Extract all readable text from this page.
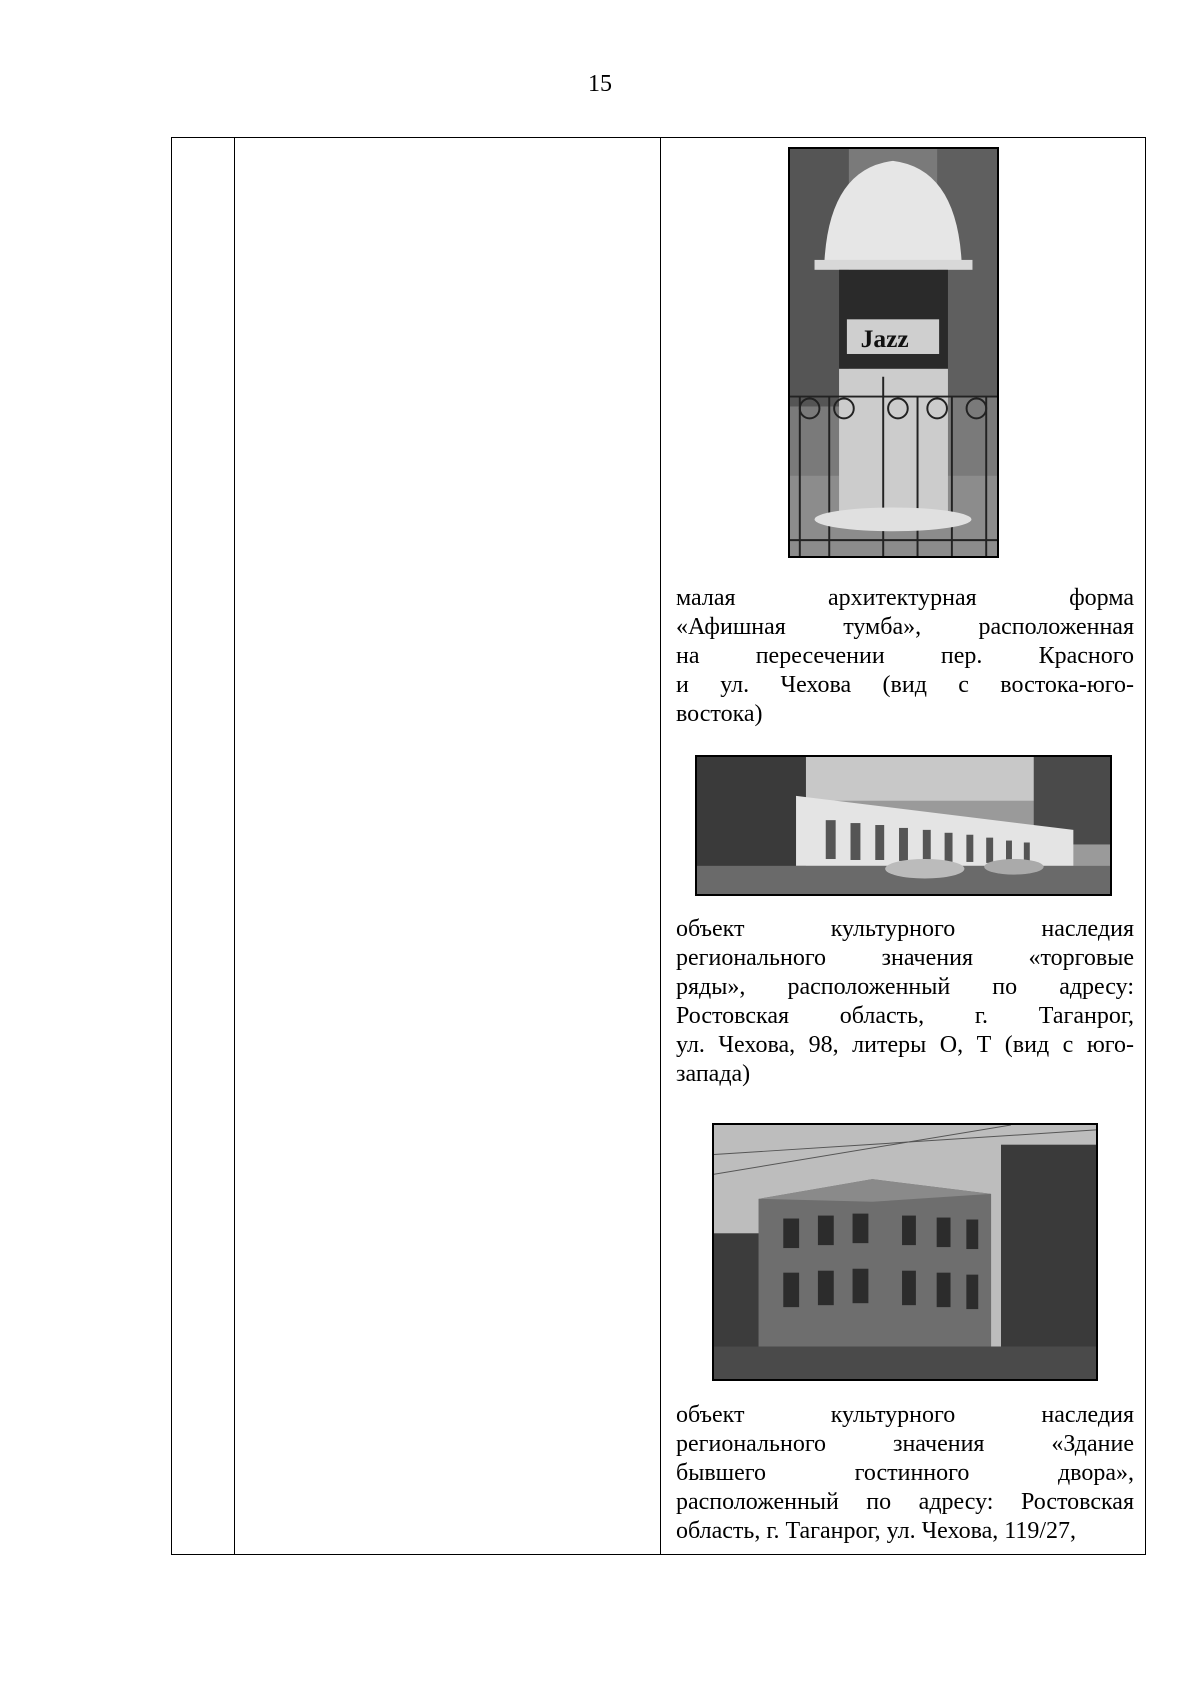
15
Jazz
малая архитектурная форма
«Афишная тумба», расположенная
на пересечении пер. Красного
и ул. Чехова (вид с востока-юго-
востока)
объект культурного наследия
регионального значения «торговые
ряды», расположенный по адресу:
Ростовская область, г. Таганрог,
ул. Чехова, 98, литеры О, Т (вид с юго-
запада)
объект культурного наследия
регионального значения «Здание
бывшего гостинного двора»,
расположенный по адресу: Ростовская
область, г. Таганрог, ул. Чехова, 119/27,
